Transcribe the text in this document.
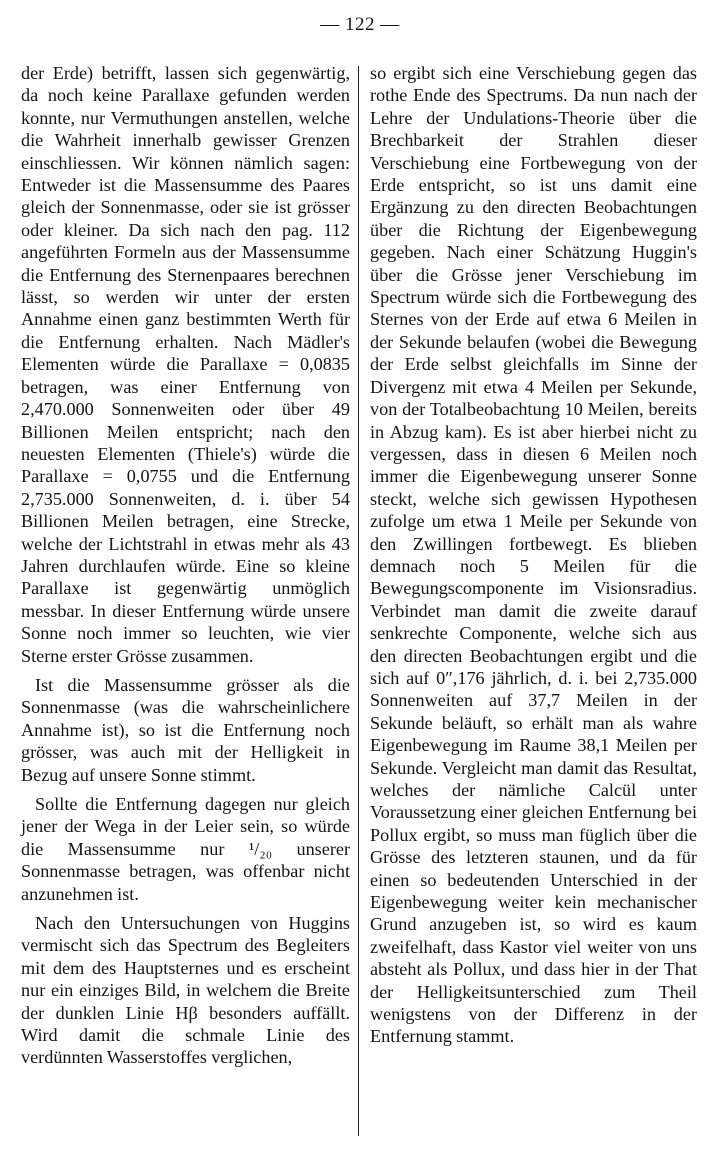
— 122 —

der Erde) betrifft, lassen sich gegenwärtig, da noch keine Parallaxe gefunden werden konnte, nur Vermuthungen anstellen, welche die Wahrheit innerhalb gewisser Grenzen einschliessen. Wir können nämlich sagen: Entweder ist die Massensumme des Paares gleich der Sonnenmasse, oder sie ist grösser oder kleiner. Da sich nach den pag. 112 angeführten Formeln aus der Massensumme die Entfernung des Sternenpaares berechnen lässt, so werden wir unter der ersten Annahme einen ganz bestimmten Werth für die Entfernung erhalten. Nach Mädler's Elementen würde die Parallaxe = 0,0835 betragen, was einer Entfernung von 2,470.000 Sonnenweiten oder über 49 Billionen Meilen entspricht; nach den neuesten Elementen (Thiele's) würde die Parallaxe = 0,0755 und die Entfernung 2,735.000 Sonnenweiten, d. i. über 54 Billionen Meilen betragen, eine Strecke, welche der Lichtstrahl in etwas mehr als 43 Jahren durchlaufen würde. Eine so kleine Parallaxe ist gegenwärtig unmöglich messbar. In dieser Entfernung würde unsere Sonne noch immer so leuchten, wie vier Sterne erster Grösse zusammen.

Ist die Massensumme grösser als die Sonnenmasse (was die wahrscheinlichere Annahme ist), so ist die Entfernung noch grösser, was auch mit der Helligkeit in Bezug auf unsere Sonne stimmt.

Sollte die Entfernung dagegen nur gleich jener der Wega in der Leier sein, so würde die Massensumme nur ¹/₂₀ unserer Sonnenmasse betragen, was offenbar nicht anzunehmen ist.

Nach den Untersuchungen von Huggins vermischt sich das Spectrum des Begleiters mit dem des Hauptsternes und es erscheint nur ein einziges Bild, in welchem die Breite der dunklen Linie Hβ besonders auffällt. Wird damit die schmale Linie des verdünnten Wasserstoffes verglichen,

so ergibt sich eine Verschiebung gegen das rothe Ende des Spectrums. Da nun nach der Lehre der Undulations-Theorie über die Brechbarkeit der Strahlen dieser Verschiebung eine Fortbewegung von der Erde entspricht, so ist uns damit eine Ergänzung zu den directen Beobachtungen über die Richtung der Eigenbewegung gegeben. Nach einer Schätzung Huggin's über die Grösse jener Verschiebung im Spectrum würde sich die Fortbewegung des Sternes von der Erde auf etwa 6 Meilen in der Sekunde belaufen (wobei die Bewegung der Erde selbst gleichfalls im Sinne der Divergenz mit etwa 4 Meilen per Sekunde, von der Totalbeobachtung 10 Meilen, bereits in Abzug kam). Es ist aber hierbei nicht zu vergessen, dass in diesen 6 Meilen noch immer die Eigenbewegung unserer Sonne steckt, welche sich gewissen Hypothesen zufolge um etwa 1 Meile per Sekunde von den Zwillingen fortbewegt. Es blieben demnach noch 5 Meilen für die Bewegungscomponente im Visionsradius. Verbindet man damit die zweite darauf senkrechte Componente, welche sich aus den directen Beobachtungen ergibt und die sich auf 0″,176 jährlich, d. i. bei 2,735.000 Sonnenweiten auf 37,7 Meilen in der Sekunde beläuft, so erhält man als wahre Eigenbewegung im Raume 38,1 Meilen per Sekunde. Vergleicht man damit das Resultat, welches der nämliche Calcül unter Voraussetzung einer gleichen Entfernung bei Pollux ergibt, so muss man füglich über die Grösse des letzteren staunen, und da für einen so bedeutenden Unterschied in der Eigenbewegung weiter kein mechanischer Grund anzugeben ist, so wird es kaum zweifelhaft, dass Kastor viel weiter von uns absteht als Pollux, und dass hier in der That der Helligkeitsunterschied zum Theil wenigstens von der Differenz in der Entfernung stammt.
